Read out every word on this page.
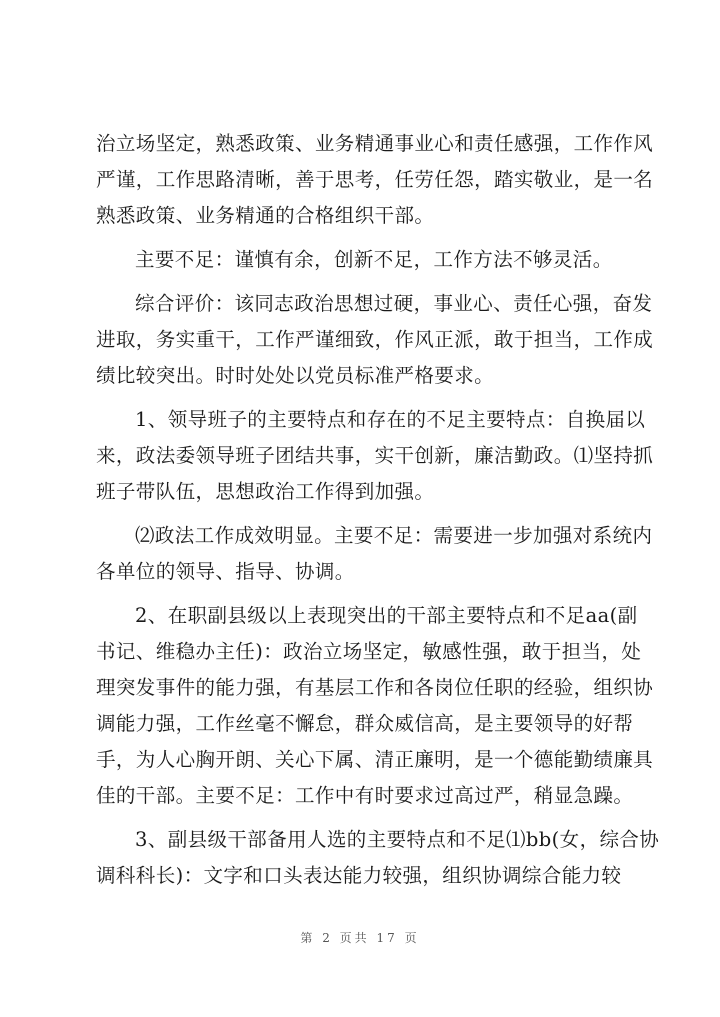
治立场坚定，熟悉政策、业务精通事业心和责任感强，工作作风
严谨，工作思路清晰，善于思考，任劳任怨，踏实敬业，是一名
熟悉政策、业务精通的合格组织干部。
主要不足：谨慎有余，创新不足，工作方法不够灵活。
综合评价：该同志政治思想过硬，事业心、责任心强，奋发
进取，务实重干，工作严谨细致，作风正派，敢于担当，工作成
绩比较突出。时时处处以党员标准严格要求。
1、领导班子的主要特点和存在的不足主要特点：自换届以
来，政法委领导班子团结共事，实干创新，廉洁勤政。⑴坚持抓
班子带队伍，思想政治工作得到加强。
⑵政法工作成效明显。主要不足：需要进一步加强对系统内
各单位的领导、指导、协调。
2、在职副县级以上表现突出的干部主要特点和不足aa(副
书记、维稳办主任)：政治立场坚定，敏感性强，敢于担当，处
理突发事件的能力强，有基层工作和各岗位任职的经验，组织协
调能力强，工作丝毫不懈怠，群众威信高，是主要领导的好帮
手，为人心胸开朗、关心下属、清正廉明，是一个德能勤绩廉具
佳的干部。主要不足：工作中有时要求过高过严，稍显急躁。
3、副县级干部备用人选的主要特点和不足⑴bb(女，综合协
调科科长)：文字和口头表达能力较强，组织协调综合能力较
第 2 页共 17 页
